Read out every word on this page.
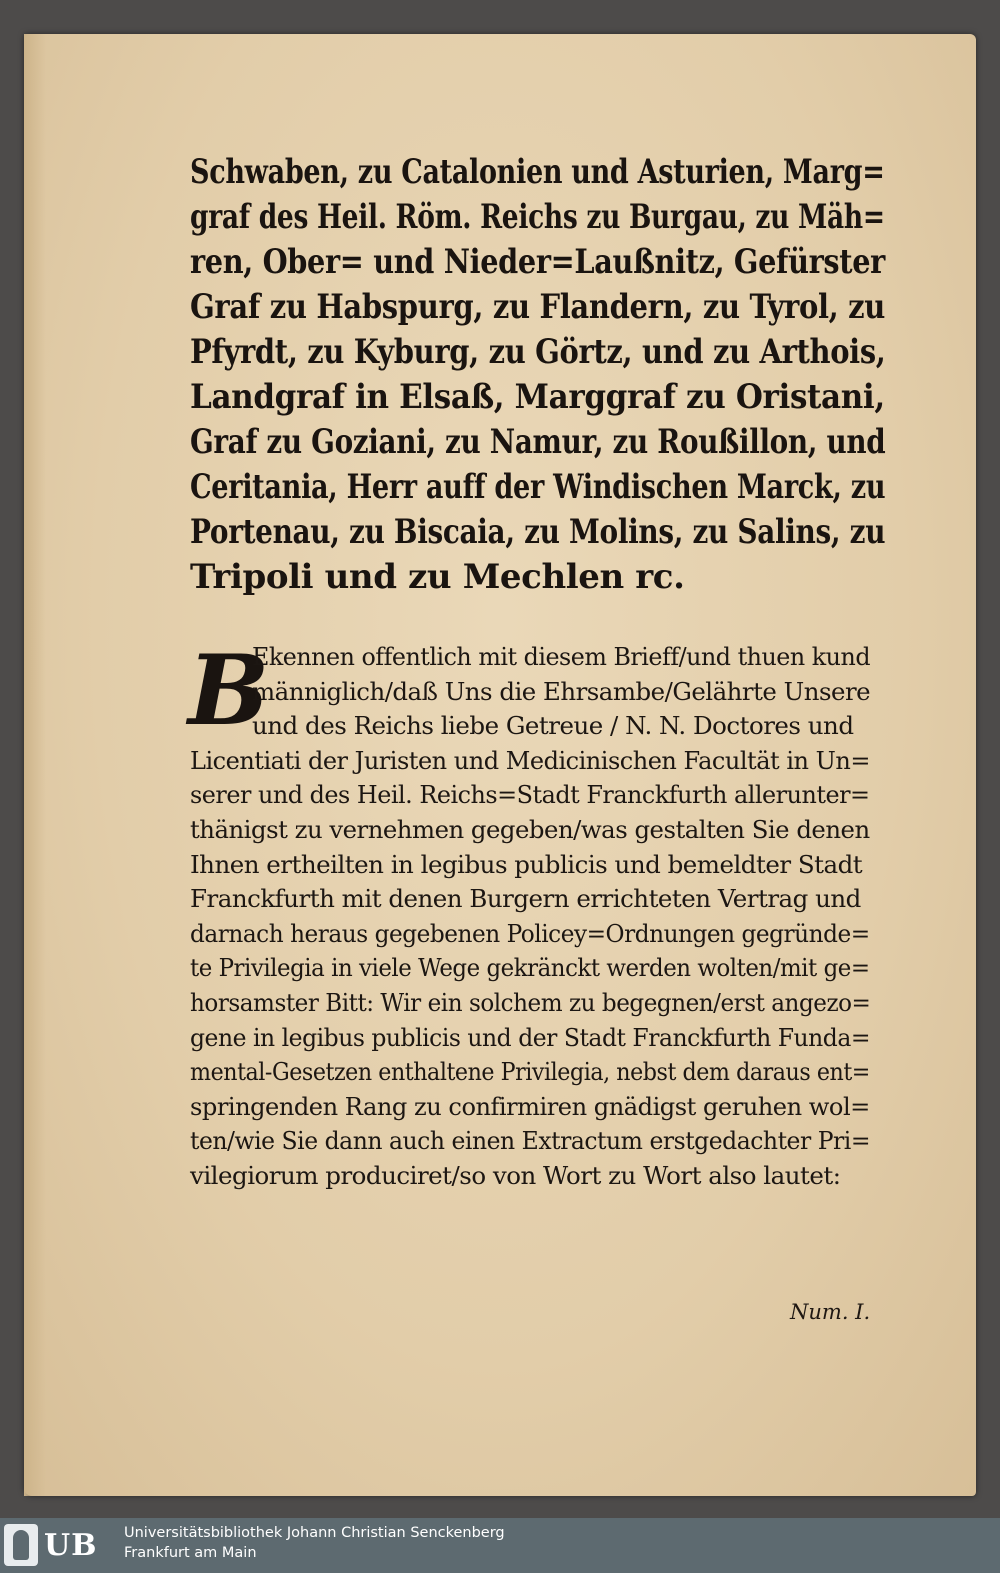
Schwaben, zu Catalonien und Asturien, Marg=
graf des Heil. Röm. Reichs zu Burgau, zu Mäh=
ren, Ober= und Nieder=Laußnitz, Gefürster
Graf zu Habspurg, zu Flandern, zu Tyrol, zu
Pfyrdt, zu Kyburg, zu Görtz, und zu Arthois,
Landgraf in Elsaß, Marggraf zu Oristani,
Graf zu Goziani, zu Namur, zu Roußillon, und
Ceritania, Herr auff der Windischen Marck, zu
Portenau, zu Biscaia, zu Molins, zu Salins, zu
Tripoli und zu Mechlen rc.
B
Ekennen offentlich mit diesem Brieff/und thuen kund
männiglich/daß Uns die Ehrsambe/Gelährte Unsere
und des Reichs liebe Getreue / N. N. Doctores und
Licentiati der Juristen und Medicinischen Facultät in Un=
serer und des Heil. Reichs=Stadt Franckfurth allerunter=
thänigst zu vernehmen gegeben/was gestalten Sie denen
Ihnen ertheilten in legibus publicis und bemeldter Stadt
Franckfurth mit denen Burgern errichteten Vertrag und
darnach heraus gegebenen Policey=Ordnungen gegründe=
te Privilegia in viele Wege gekränckt werden wolten/mit ge=
horsamster Bitt: Wir ein solchem zu begegnen/erst angezo=
gene in legibus publicis und der Stadt Franckfurth Funda=
mental-Gesetzen enthaltene Privilegia, nebst dem daraus ent=
springenden Rang zu confirmiren gnädigst geruhen wol=
ten/wie Sie dann auch einen Extractum erstgedachter Pri=
vilegiorum produciret/so von Wort zu Wort also lautet:
Num. I.
UB Universitätsbibliothek Johann Christian Senckenberg
Frankfurt am Main
